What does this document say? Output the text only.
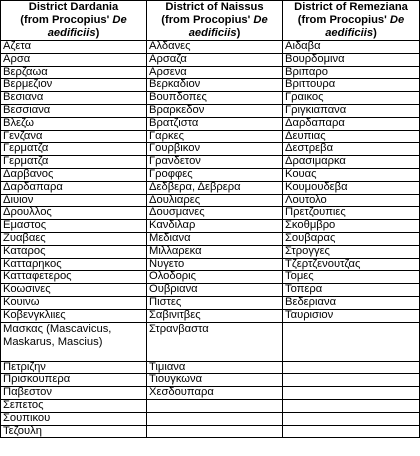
District Dardania
(from Procopius' De
aedificiis)	District of Naissus
(from Procopius' De
aedificiis)	District of Remeziana
(from Procopius' De
aedificiis)
Αζετα	Αλδανες	Αιδαβα
Αρσα	Αρσαζα	Βουρδομινα
Βερζαωα	Αρσενα	Βριπαρο
Βερμεζιον	Βερκαδιον	Βριττουρα
Βεσιανα	Βουπδοπες	Γραικος
Βεσσιανα	Βραρκεδον	Γριγκιαπανα
Βλεζω	Βρατζιστα	Δαρδαπαρα
Γενζανα	Γαρκες	Δευπιας
Γερματζα	Γουρβικον	Δεστρεβα
Γερματζα	Γρανδετον	Δρασιμαρκα
Δαρβανος	Γροφφες	Κουας
Δαρδαπαρα	Δεδβερα, Δεβρερα	Κουμουδεβα
Διυιον	Δουλιαρες	Λουτολο
Δρουλλος	Δουσμανες	Πρετζουπιες
Εμαστος	Κανδιλαρ	Σκοθμβρο
Ζυαβαες	Μεδιανα	Σουβαρας
Καταρος	Μιλλαρεκα	Στρογγες
Κατταρηκος	Νυγετο	Τζερτζενουτζας
Κατταφετερος	Ολοδορις	Τομες
Κοωσινες	Ουβριανα	Τοπερα
Κουινω	Πιστες	Βεδεριανα
Κοβενγκλιιες	Σαβινιτβες	Ταυρισιον
Μασκας (Mascavicus, Maskarus, Mascius)	Στρανβαστα	
Πετριζην	Τιμιανα	
Πρισκουπερα	Τιουγκωνα	
Παβεστον	Χεσδουπαρα	
Σεπετος		
Σουπικου		
Τεζουλη		
